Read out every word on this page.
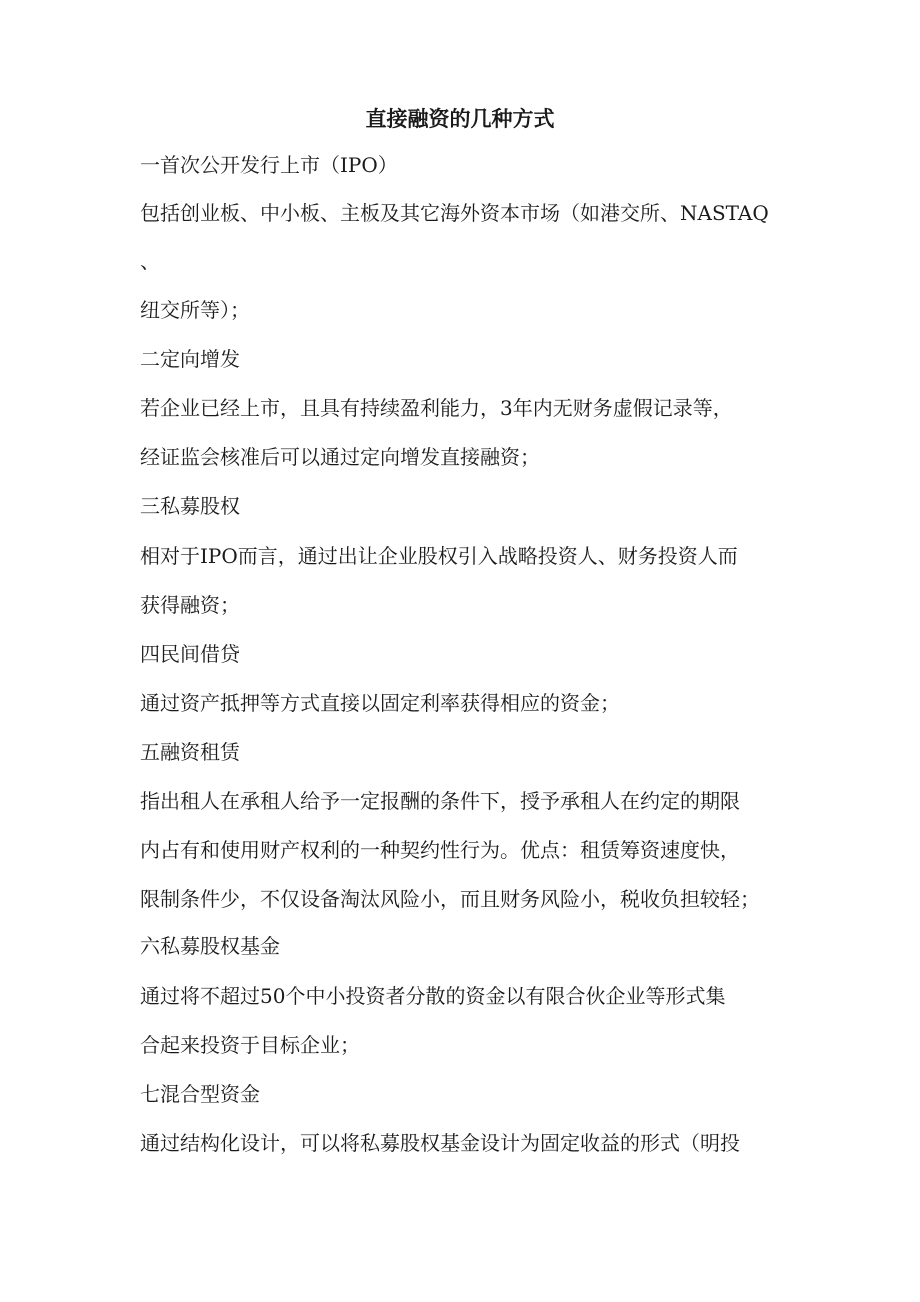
直接融资的几种方式

一首次公开发行上市（IPO）

包括创业板、中小板、主板及其它海外资本市场（如港交所、NASTAQ

、

纽交所等）；

二定向增发

若企业已经上市，且具有持续盈利能力，3年内无财务虚假记录等，

经证监会核准后可以通过定向增发直接融资；

三私募股权

相对于IPO而言，通过出让企业股权引入战略投资人、财务投资人而

获得融资；

四民间借贷

通过资产抵押等方式直接以固定利率获得相应的资金；

五融资租赁

指出租人在承租人给予一定报酬的条件下，授予承租人在约定的期限

内占有和使用财产权利的一种契约性行为。优点：租赁筹资速度快，

限制条件少，不仅设备淘汰风险小，而且财务风险小，税收负担较轻；

六私募股权基金

通过将不超过50个中小投资者分散的资金以有限合伙企业等形式集

合起来投资于目标企业；

七混合型资金

通过结构化设计，可以将私募股权基金设计为固定收益的形式（明投
